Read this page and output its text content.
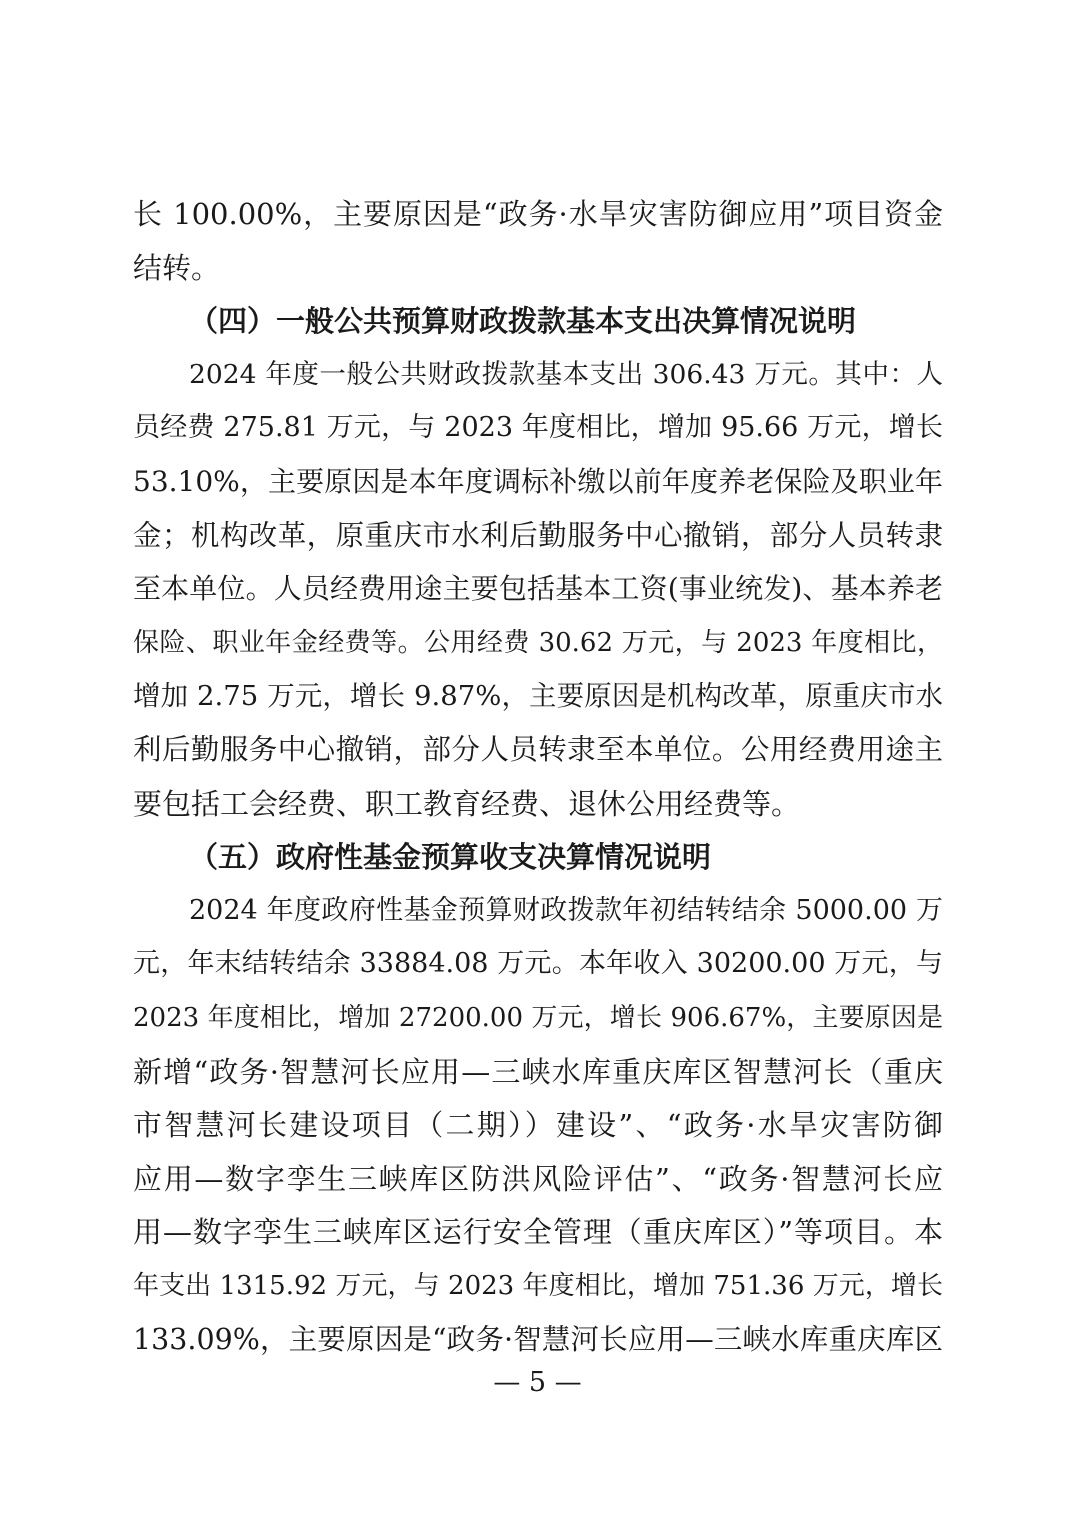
长 100.00%，主要原因是“政务·水旱灾害防御应用”项目资金
结转。
（四）一般公共预算财政拨款基本支出决算情况说明
2024 年度一般公共财政拨款基本支出 306.43 万元。其中：人
员经费 275.81 万元，与 2023 年度相比，增加 95.66 万元，增长
53.10%，主要原因是本年度调标补缴以前年度养老保险及职业年
金；机构改革，原重庆市水利后勤服务中心撤销，部分人员转隶
至本单位。人员经费用途主要包括基本工资(事业统发)、基本养老
保险、职业年金经费等。公用经费 30.62 万元，与 2023 年度相比，
增加 2.75 万元，增长 9.87%，主要原因是机构改革，原重庆市水
利后勤服务中心撤销，部分人员转隶至本单位。公用经费用途主
要包括工会经费、职工教育经费、退休公用经费等。
（五）政府性基金预算收支决算情况说明
2024 年度政府性基金预算财政拨款年初结转结余 5000.00 万
元，年末结转结余 33884.08 万元。本年收入 30200.00 万元，与
2023 年度相比，增加 27200.00 万元，增长 906.67%，主要原因是
新增“政务·智慧河长应用—三峡水库重庆库区智慧河长（重庆
市智慧河长建设项目（二期））建设”、“政务·水旱灾害防御
应用—数字孪生三峡库区防洪风险评估”、“政务·智慧河长应
用—数字孪生三峡库区运行安全管理（重庆库区）”等项目。本
年支出 1315.92 万元，与 2023 年度相比，增加 751.36 万元，增长
133.09%，主要原因是“政务·智慧河长应用—三峡水库重庆库区
— 5 —
